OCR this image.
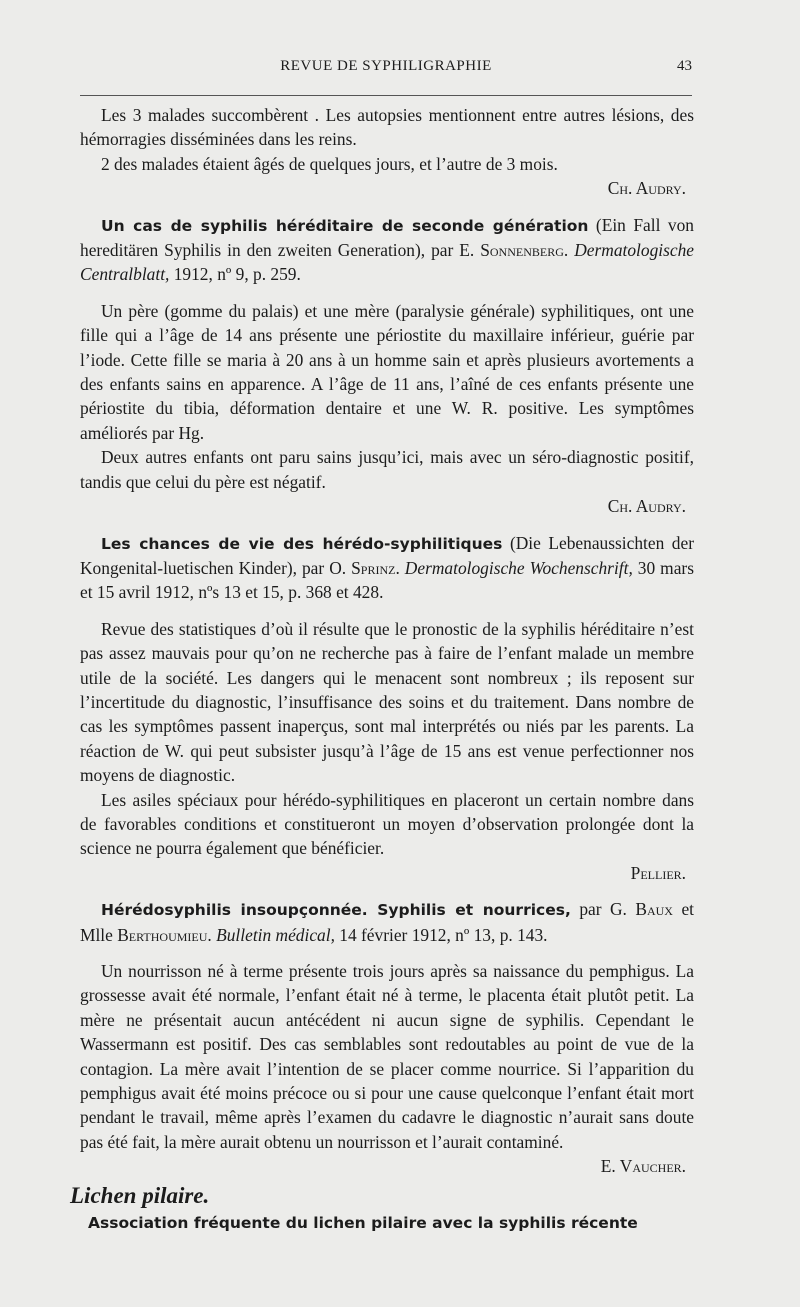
REVUE DE SYPHILIGRAPHIE	43

Les 3 malades succombèrent . Les autopsies mentionnent entre autres lésions, des hémorragies disséminées dans les reins.

2 des malades étaient âgés de quelques jours, et l’autre de 3 mois.

Ch. Audry.

Un cas de syphilis héréditaire de seconde génération (Ein Fall von hereditären Syphilis in den zweiten Generation), par E. Sonnenberg. Dermatologische Centralblatt, 1912, nº 9, p. 259.

Un père (gomme du palais) et une mère (paralysie générale) syphilitiques, ont une fille qui a l’âge de 14 ans présente une périostite du maxillaire inférieur, guérie par l’iode. Cette fille se maria à 20 ans à un homme sain et après plusieurs avortements a des enfants sains en apparence. A l’âge de 11 ans, l’aîné de ces enfants présente une périostite du tibia, déformation dentaire et une W. R. positive. Les symptômes améliorés par Hg.

Deux autres enfants ont paru sains jusqu’ici, mais avec un séro-diagnostic positif, tandis que celui du père est négatif.

Ch. Audry.

Les chances de vie des hérédo-syphilitiques (Die Lebenaussichten der Kongenital-luetischen Kinder), par O. Sprinz. Dermatologische Wochenschrift, 30 mars et 15 avril 1912, nºs 13 et 15, p. 368 et 428.

Revue des statistiques d’où il résulte que le pronostic de la syphilis héréditaire n’est pas assez mauvais pour qu’on ne recherche pas à faire de l’enfant malade un membre utile de la société. Les dangers qui le menacent sont nombreux ; ils reposent sur l’incertitude du diagnostic, l’insuffisance des soins et du traitement. Dans nombre de cas les symptômes passent inaperçus, sont mal interprétés ou niés par les parents. La réaction de W. qui peut subsister jusqu’à l’âge de 15 ans est venue perfectionner nos moyens de diagnostic.

Les asiles spéciaux pour hérédo-syphilitiques en placeront un certain nombre dans de favorables conditions et constitueront un moyen d’observation prolongée dont la science ne pourra également que bénéficier.

Pellier.

Hérédosyphilis insoupçonnée. Syphilis et nourrices, par G. Baux et Mlle Berthoumieu. Bulletin médical, 14 février 1912, nº 13, p. 143.

Un nourrisson né à terme présente trois jours après sa naissance du pemphigus. La grossesse avait été normale, l’enfant était né à terme, le placenta était plutôt petit. La mère ne présentait aucun antécédent ni aucun signe de syphilis. Cependant le Wassermann est positif. Des cas semblables sont redoutables au point de vue de la contagion. La mère avait l’intention de se placer comme nourrice. Si l’apparition du pemphigus avait été moins précoce ou si pour une cause quelconque l’enfant était mort pendant le travail, même après l’examen du cadavre le diagnostic n’aurait sans doute pas été fait, la mère aurait obtenu un nourrisson et l’aurait contaminé.

E. Vaucher.

Lichen pilaire.

Association fréquente du lichen pilaire avec la syphilis récente
